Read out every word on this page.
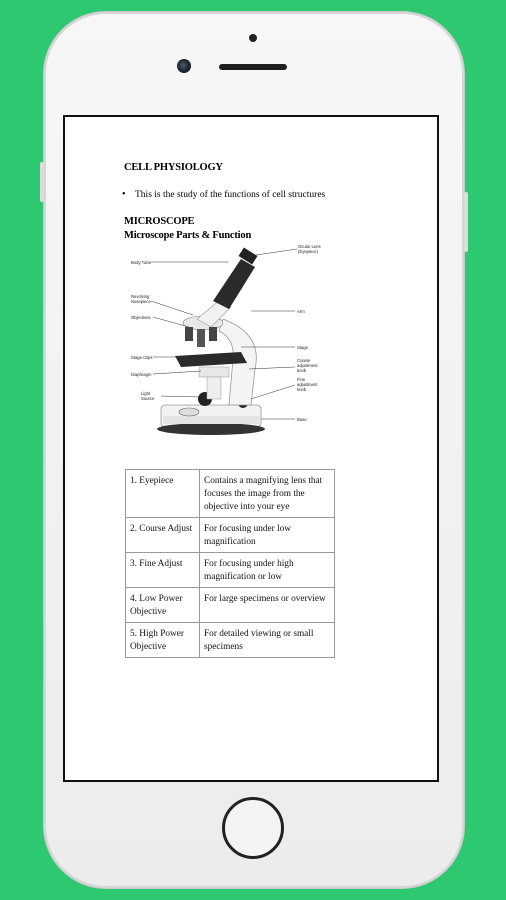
CELL PHYSIOLOGY
• This is the study of the functions of cell structures
MICROSCOPE
Microscope Parts & Function
Ocular Lens
(Eyepiece)
Body Tube
Revolving
Nosepiece
Objectives
Arm
Stage
Stage Clips
Coarse
adjustment
knob
Diaphragm
Fine
adjustment
knob
Light
Source
Base
1. Eyepiece	Contains a magnifying lens that focuses the image from the objective into your eye
2. Course Adjust	For focusing under low magnification
3. Fine Adjust	For focusing under high magnification or low
4. Low Power Objective	For large specimens or overview
5. High Power Objective	For detailed viewing or small specimens
